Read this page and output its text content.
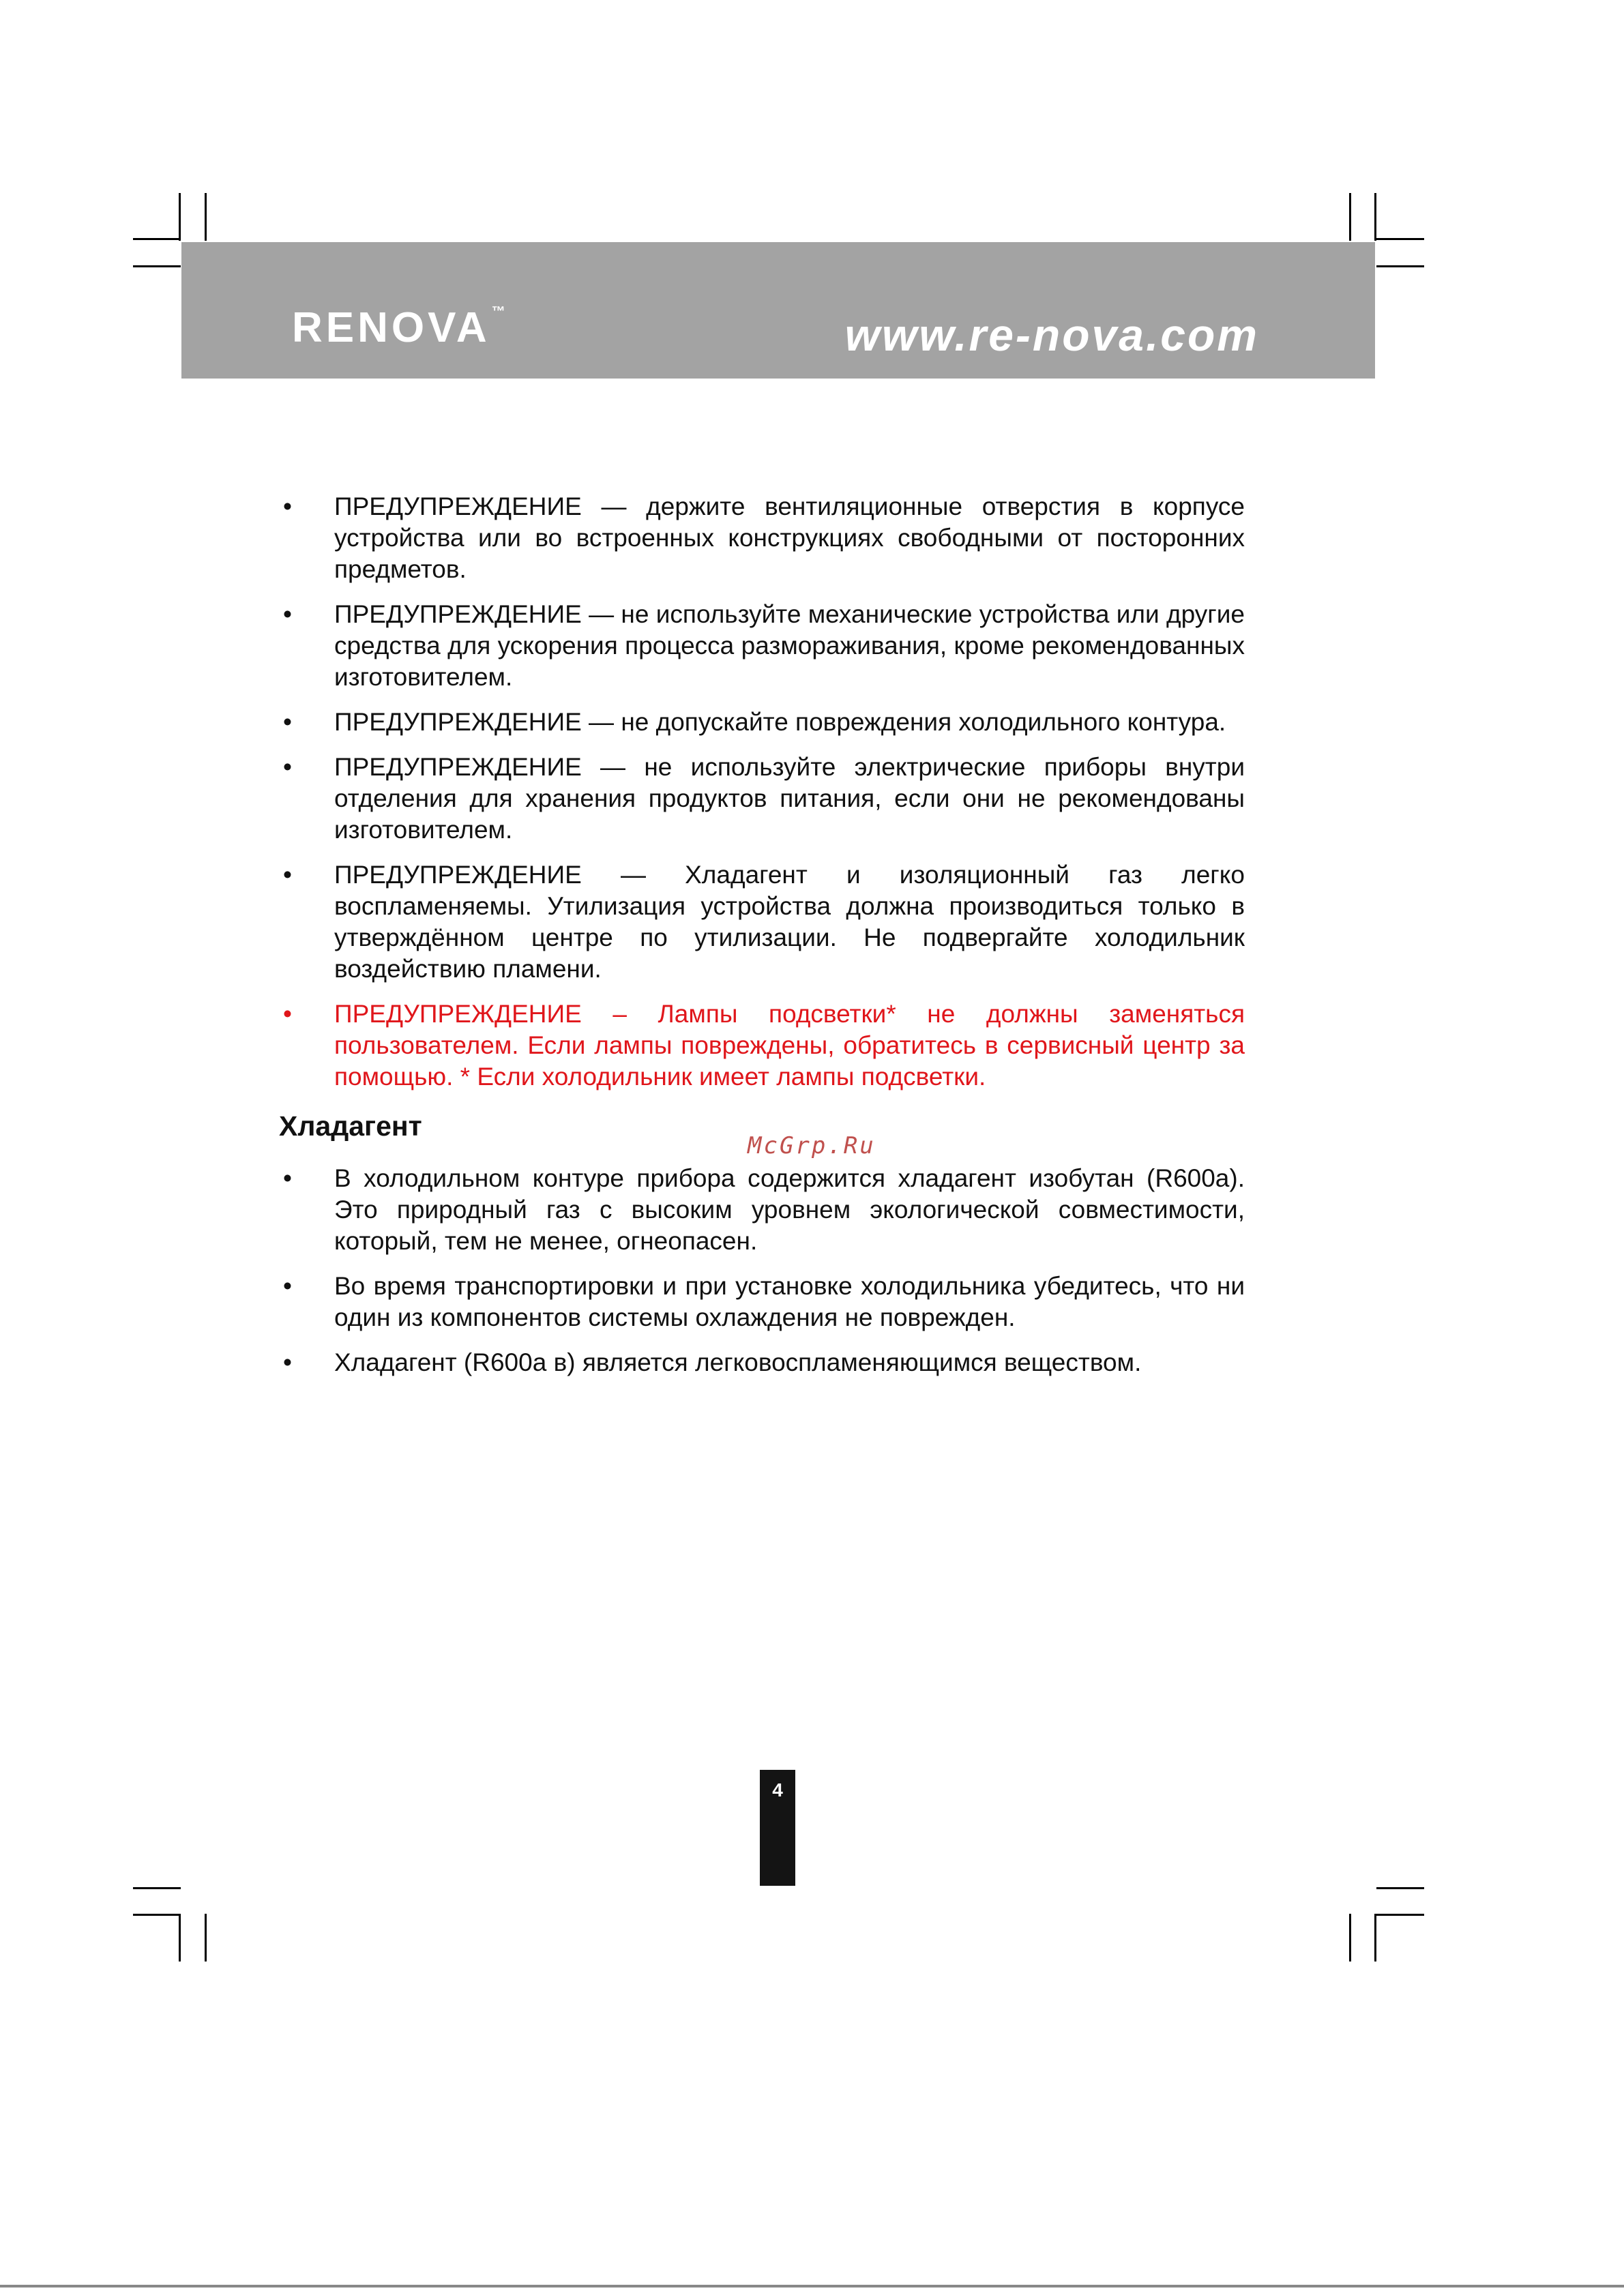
RENOVA ™	www.re-nova.com
• ПРЕДУПРЕЖДЕНИЕ — держите вентиляционные отверстия в корпусе устройства или во встроенных конструкциях свободными от посторонних предметов.
• ПРЕДУПРЕЖДЕНИЕ — не используйте механические устройства или другие средства для ускорения процесса размораживания, кроме рекомендованных изготовителем.
• ПРЕДУПРЕЖДЕНИЕ — не допускайте повреждения холодильного контура.
• ПРЕДУПРЕЖДЕНИЕ — не используйте электрические приборы внутри отделения для хранения продуктов питания, если они не рекомендованы изготовителем.
• ПРЕДУПРЕЖДЕНИЕ — Хладагент и изоляционный газ легко воспламеняемы. Утилизация устройства должна производиться только в утверждённом центре по утилизации. Не подвергайте холодильник воздействию пламени.
• ПРЕДУПРЕЖДЕНИЕ – Лампы подсветки* не должны заменяться пользователем. Если лампы повреждены, обратитесь в сервисный центр за помощью. * Если холодильник имеет лампы подсветки.
Хладагент
• В холодильном контуре прибора содержится хладагент изобутан (R600a). Это природный газ с высоким уровнем экологической совместимости, который, тем не менее, огнеопасен.
• Во время транспортировки и при установке холодильника убедитесь, что ни один из компонентов системы охлаждения не поврежден.
• Хладагент (R600a в) является легковоспламеняющимся веществом.
McGrp.Ru
4
